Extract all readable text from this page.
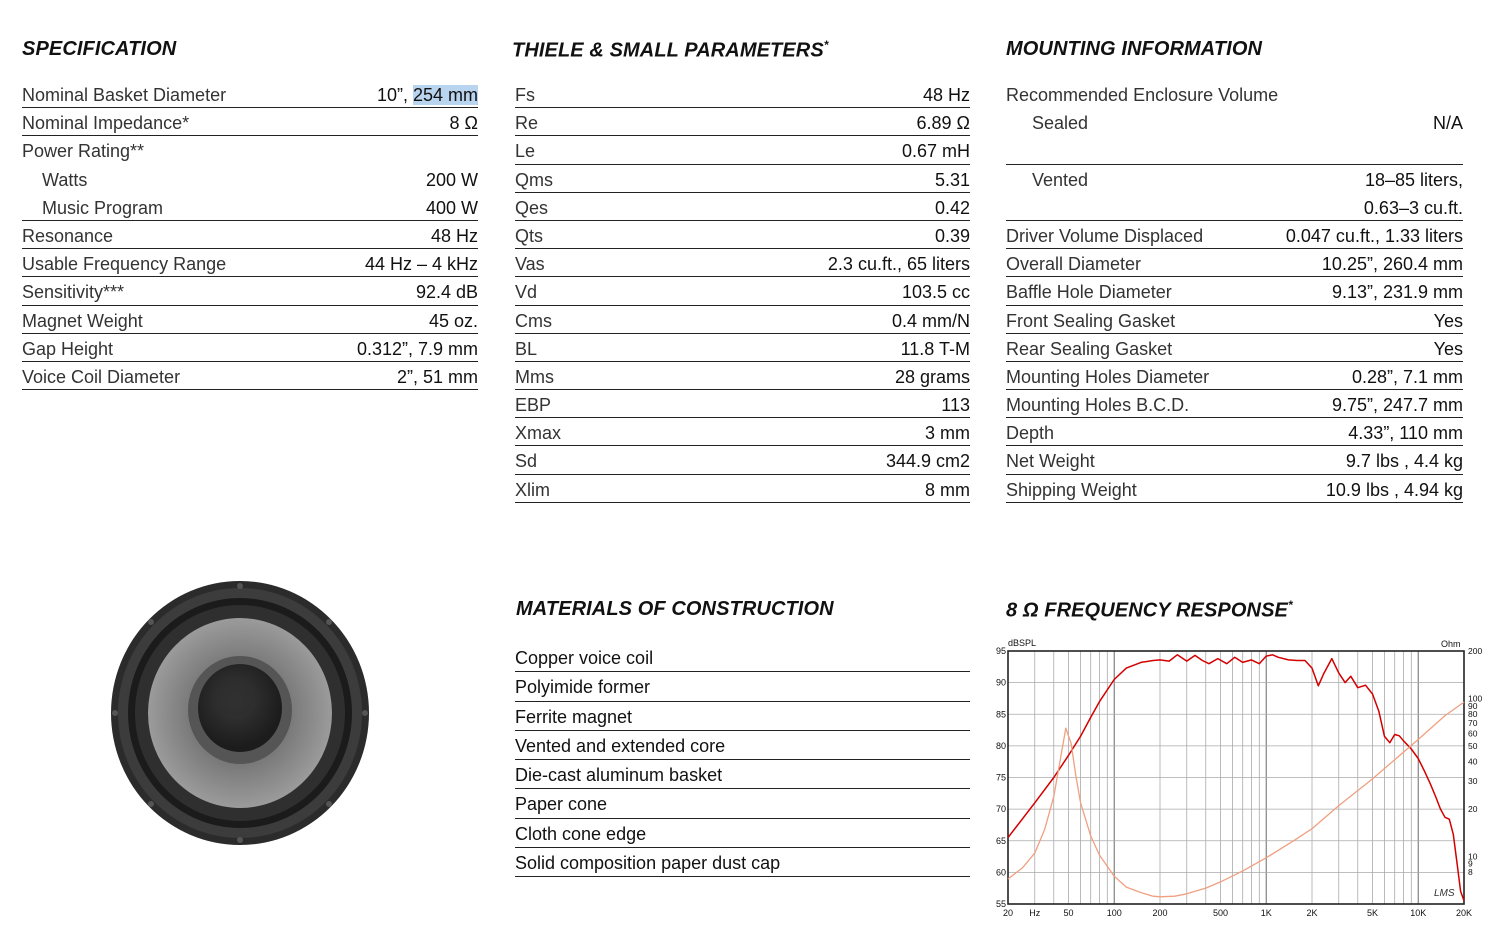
SPECIFICATION
Nominal Basket Diameter	10”, 254 mm
Nominal Impedance*	8 Ω
Power Rating**
Watts	200 W
Music Program	400 W
Resonance	48 Hz
Usable Frequency Range	44 Hz – 4 kHz
Sensitivity***	92.4 dB
Magnet Weight	45 oz.
Gap Height	0.312”, 7.9 mm
Voice Coil Diameter	2”, 51 mm
THIELE & SMALL PARAMETERS*
Fs	48 Hz
Re	6.89 Ω
Le	0.67 mH
Qms	5.31
Qes	0.42
Qts	0.39
Vas	2.3 cu.ft., 65 liters
Vd	103.5 cc
Cms	0.4 mm/N
BL	11.8 T-M
Mms	28 grams
EBP	113
Xmax	3 mm
Sd	344.9 cm2
Xlim	8 mm
MOUNTING INFORMATION
Recommended Enclosure Volume
Sealed	N/A
Vented	18–85 liters,
0.63–3 cu.ft.
Driver Volume Displaced	0.047 cu.ft., 1.33 liters
Overall Diameter	10.25”, 260.4 mm
Baffle Hole Diameter	9.13”, 231.9 mm
Front Sealing Gasket	Yes
Rear Sealing Gasket	Yes
Mounting Holes Diameter	0.28”, 7.1 mm
Mounting Holes B.C.D.	9.75”, 247.7 mm
Depth	4.33”, 110 mm
Net Weight	9.7 lbs , 4.4 kg
Shipping Weight	10.9 lbs , 4.94 kg
MATERIALS OF CONSTRUCTION
Copper voice coil
Polyimide former
Ferrite magnet
Vented and extended core
Die-cast aluminum basket
Paper cone
Cloth cone edge
Solid composition paper dust cap
8 Ω FREQUENCY RESPONSE*
20 Hz	50	100	200	500	1K	2K	5K	10K	20K
55
60
65
70
75
80
85
90
95
8
9
10
20
30
40
50
60
70
80
90
100
200
dBSPL	Ohm
LMS
